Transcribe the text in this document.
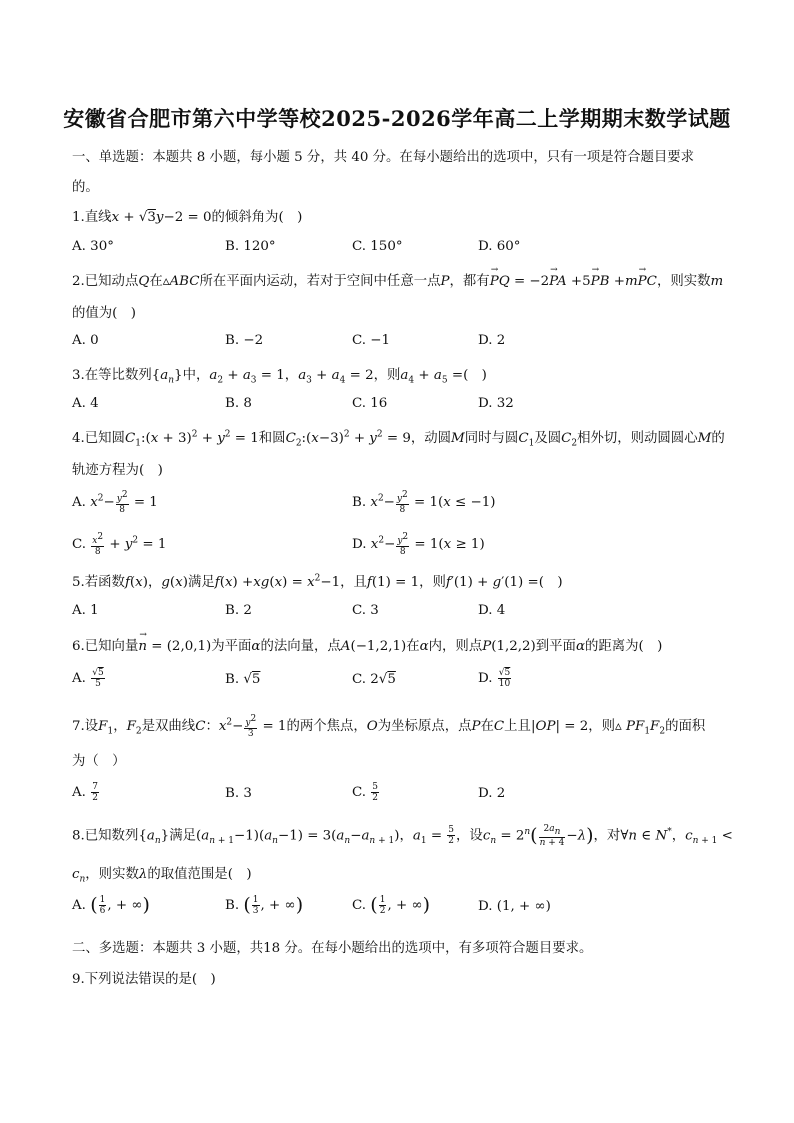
安徽省合肥市第六中学等校2025-2026学年高二上学期期末数学试题
一、单选题：本题共 8 小题，每小题 5 分，共 40 分。在每小题给出的选项中，只有一项是符合题目要求
的。
1.直线x + √3y−2 = 0的倾斜角为(　)
A. 30°	B. 120°	C. 150°	D. 60°
2.已知动点Q在▵ABC所在平面内运动，若对于空间中任意一点P，都有→ PQ = −2→ PA +5→ PB +m→ PC，则实数m
的值为(　)
A. 0	B. −2	C. −1	D. 2
3.在等比数列$\{a_n\}$中，$a_2 + a_3 = 1$，$a_3 + a_4 = 2$，则$a_4 + a_5$ =(　)
A. 4	B. 8	C. 16	D. 32
4.已知圆$C_1:(x + 3)^2 + y^2 = 1$和圆$C_2:(x-3)^2 + y^2 = 9$，动圆M同时与圆$C_1$及圆$C_2$相外切，则动圆圆心M的
轨迹方程为(　)
A. $x^2- \frac{y^2}{8} = 1$	B. $x^2- \frac{y^2}{8} = 1(x \le -1)$
C. $\frac{x^2}{8} + y^2 = 1$	D. $x^2- \frac{y^2}{8} = 1(x \ge 1)$
5.若函数f(x)，g(x)满足$f(x) +xg(x) = x^2-1$，且f(1) = 1，则f′(1) + g′(1) =(　)
A. 1	B. 2	C. 3	D. 4
6.已知向量→ n = (2,0,1)为平面α的法向量，点A(−1,2,1)在α内，则点P(1,2,2)到平面α的距离为(　)
A. $\frac{√5}{5}$	B. √5	C. 2√5	D. $\frac{√5}{10}$
7.设$F_1$，$F_2$是双曲线C：$x^2- \frac{y^2}{3} = 1$的两个焦点，O为坐标原点，点P在C上且|OP| = 2，则▵ $PF_1F_2$的面积
为（　）
A. $\frac{7}{2}$	B. 3	C. $\frac{5}{2}$	D. 2
8.已知数列$\{a_n\}$满足$(a_{n + 1}-1)(a_n-1) = 3(a_n-a_{n + 1})$，$a_1 = \frac{5}{2}$ ，设$c_n = 2^n( \frac{2a_n}{n + 4} -\lambda)$，对∀n ∈ N*，$c_{n + 1}$ <
$c_n$，则实数λ的取值范围是(　)
A. ( $\frac{1}{6}$ , + ∞)	B. ( $\frac{1}{3}$ , + ∞)	C. ( $\frac{1}{2}$ , + ∞)	D. (1, + ∞)
二、多选题：本题共 3 小题，共18 分。在每小题给出的选项中，有多项符合题目要求。
9.下列说法错误的是(　)
